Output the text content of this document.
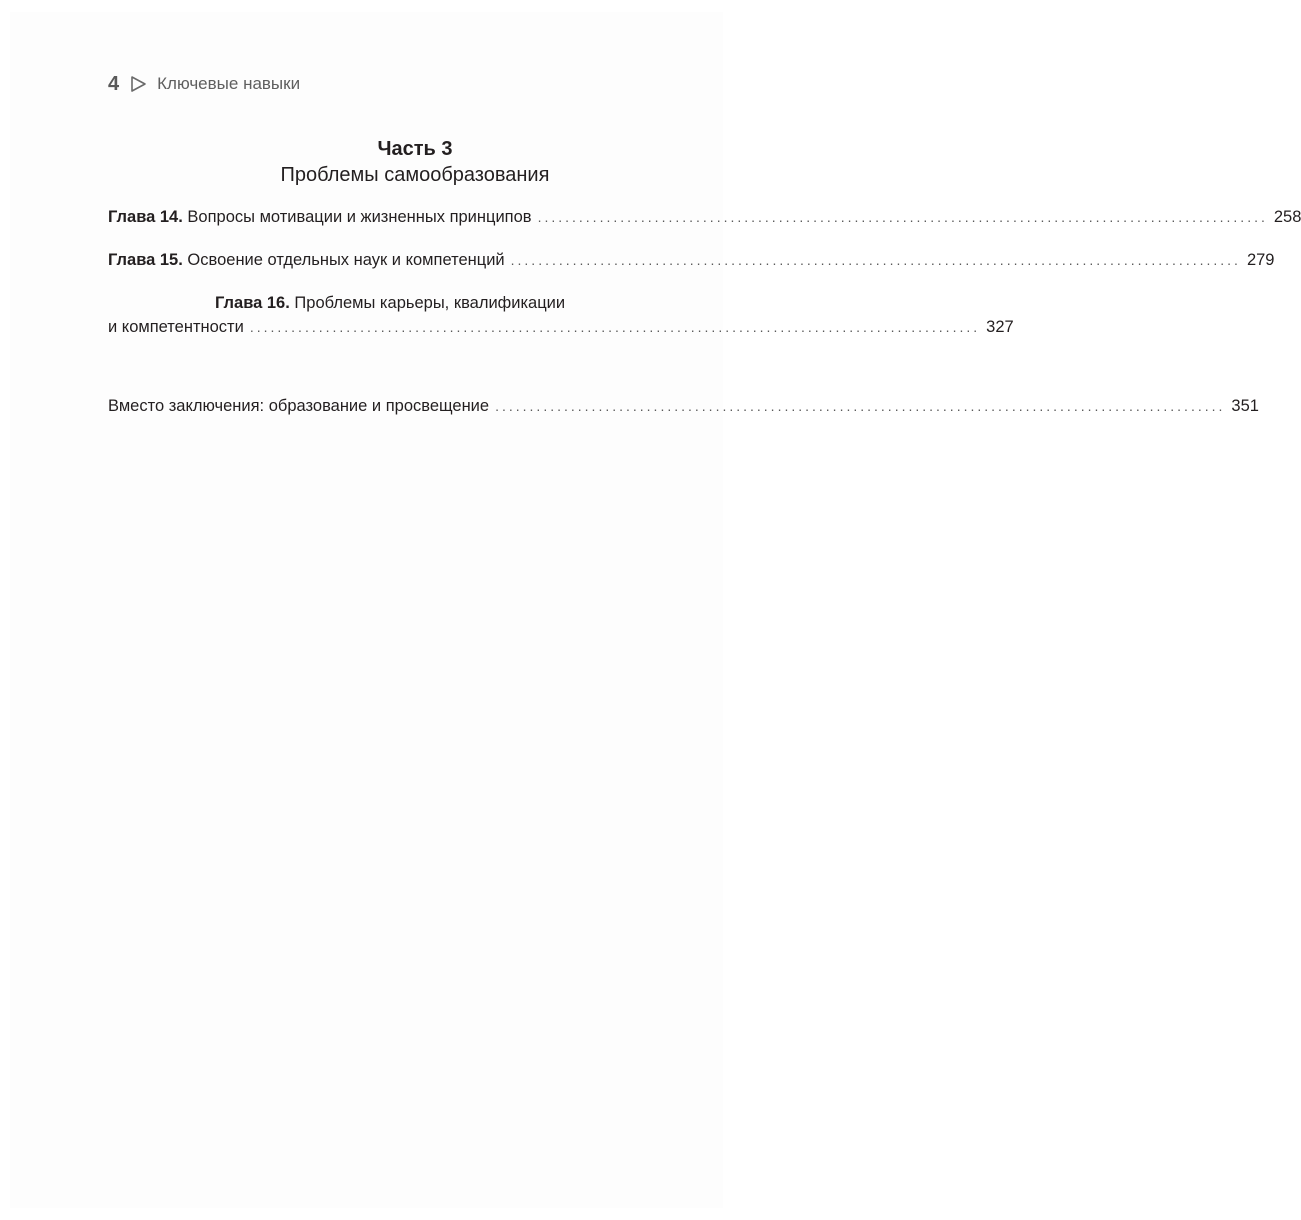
4 Ключевые навыки
Часть 3
Проблемы самообразования
Глава 14. Вопросы мотивации и жизненных принципов .......................................................................................................... 258
Глава 15. Освоение отдельных наук и компетенций .......................................................................................................... 279
Глава 16. Проблемы карьеры, квалификации
и компетентности .......................................................................................................... 327
Вместо заключения: образование и просвещение .......................................................................................................... 351
